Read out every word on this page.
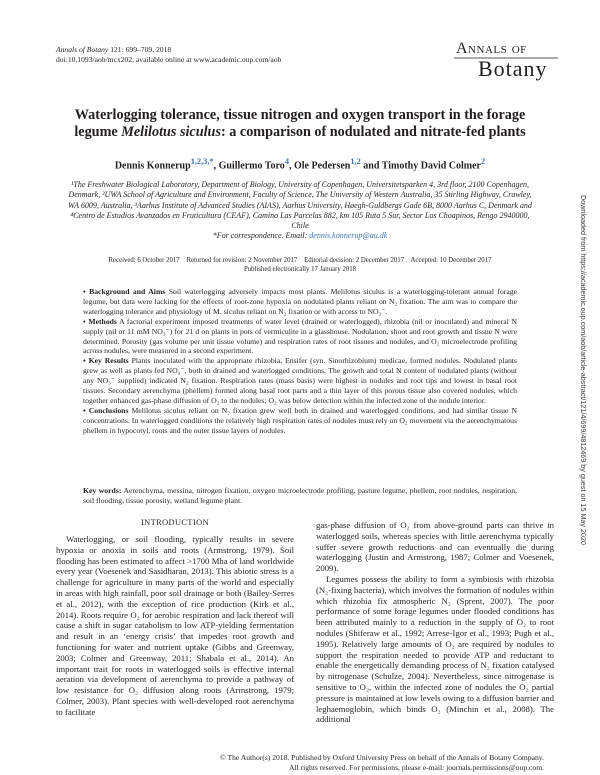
Annals of Botany 121: 699–709, 2018
doi:10.1093/aob/mcx202, available online at www.academic.oup.com/aob
Annals of
Botany
Waterlogging tolerance, tissue nitrogen and oxygen transport in the forage
legume Melilotus siculus: a comparison of nodulated and nitrate-fed plants
Dennis Konnerup$^{1,2,3,*}$, Guillermo Toro$^4$, Ole Pedersen$^{1,2}$ and Timothy David Colmer$^2$
¹The Freshwater Biological Laboratory, Department of Biology, University of Copenhagen, Universitetsparken 4, 3rd floor, 2100 Copenhagen, Denmark, ²UWA School of Agriculture and Environment, Faculty of Science, The University of Western Australia, 35 Stirling Highway, Crawley, WA 6009, Australia, ³Aarhus Institute of Advanced Studies (AIAS), Aarhus University, Høegh-Guldbergs Gade 6B, 8000 Aarhus C, Denmark and ⁴Centro de Estudios Avanzados en Fruticultura (CEAF), Camino Las Parcelas 882, km 105 Ruta 5 Sur, Sector Los Choapinos, Rengo 2940000, Chile
*For correspondence. Email: dennis.konnerup@au.dk
Received: 6 October 2017    Returned for revision: 2 November 2017    Editorial decision: 2 December 2017    Accepted: 10 December 2017
Published electronically 17 January 2018

• Background and Aims Soil waterlogging adversely impacts most plants. Melilotus siculus is a waterlogging-tolerant annual forage legume, but data were lacking for the effects of root-zone hypoxia on nodulated plants reliant on N₂ fixation. The aim was to compare the waterlogging tolerance and physiology of M. siculus reliant on N₂ fixation or with access to NO₃⁻.

• Methods A factorial experiment imposed treatments of water level (drained or waterlogged), rhizobia (nil or inoculated) and mineral N supply (nil or 11 mM NO₃⁻) for 21 d on plants in pots of vermiculite in a glasshouse. Nodulation, shoot and root growth and tissue N were determined. Porosity (gas volume per unit tissue volume) and respiration rates of root tissues and nodules, and O₂ microelectrode profiling across nodules, were measured in a second experiment.

• Key Results Plants inoculated with the appropriate rhizobia, Ensifer (syn. Sinorhizobium) medicae, formed nodules. Nodulated plants grew as well as plants fed NO₃⁻, both in drained and waterlogged conditions. The growth and total N content of nodulated plants (without any NO₃⁻ supplied) indicated N₂ fixation. Respiration rates (mass basis) were highest in nodules and root tips and lowest in basal root tissues. Secondary aerenchyma (phellem) formed along basal root parts and a thin layer of this porous tissue also covered nodules, which together enhanced gas-phase diffusion of O₂ to the nodules; O₂ was below detection within the infected zone of the nodule interior.

• Conclusions Melilotus siculus reliant on N₂ fixation grew well both in drained and waterlogged conditions, and had similar tissue N concentrations. In waterlogged conditions the relatively high respiration rates of nodules must rely on O₂ movement via the aerenchymatous phellem in hypocotyl, roots and the outer tissue layers of nodules.

Key words: Aerenchyma, messina, nitrogen fixation, oxygen microelectrode profiling, pasture legume, phellem, root nodules, respiration, soil flooding, tissue porosity, wetland legume plant.
INTRODUCTION

Waterlogging, or soil flooding, typically results in severe hypoxia or anoxia in soils and roots (Armstrong, 1979). Soil flooding has been estimated to affect >1700 Mha of land worldwide every year (Voesenek and Sasidharan, 2013). This abiotic stress is a challenge for agriculture in many parts of the world and especially in areas with high rainfall, poor soil drainage or both (Bailey-Serres et al., 2012), with the exception of rice production (Kirk et al., 2014). Roots require O₂ for aerobic respiration and lack thereof will cause a shift in sugar catabolism to low ATP-yielding fermentation and result in an ‘energy crisis’ that impedes root growth and functioning for water and nutrient uptake (Gibbs and Greenway, 2003; Colmer and Greenway, 2011; Shabala et al., 2014). An important trait for roots in waterlogged soils is effective internal aeration via development of aerenchyma to provide a pathway of low resistance for O₂ diffusion along roots (Armstrong, 1979; Colmer, 2003). Plant species with well-developed root aerenchyma to facilitate

gas-phase diffusion of O₂ from above-ground parts can thrive in waterlogged soils, whereas species with little aerenchyma typically suffer severe growth reductions and can eventually die during waterlogging (Justin and Armstrong, 1987; Colmer and Voesenek, 2009).

Legumes possess the ability to form a symbiosis with rhizobia (N₂-fixing bacteria), which involves the formation of nodules within which rhizobia fix atmospheric N₂ (Sprent, 2007). The poor performance of some forage legumes under flooded conditions has been attributed mainly to a reduction in the supply of O₂ to root nodules (Shiferaw et al., 1992; Arrese-Igor et al., 1993; Pugh et al., 1995). Relatively large amounts of O₂ are required by nodules to support the respiration needed to provide ATP and reductant to enable the energetically demanding process of N₂ fixation catalysed by nitrogenase (Schulze, 2004). Nevertheless, since nitrogenase is sensitive to O₂, within the infected zone of nodules the O₂ partial pressure is maintained at low levels owing to a diffusion barrier and leghaemoglobin, which binds O₂ (Minchin et al., 2008). The additional

© The Author(s) 2018. Published by Oxford University Press on behalf of the Annals of Botany Company.
All rights reserved. For permissions, please e-mail: journals.permissions@oup.com.
Downloaded from https://academic.oup.com/aob/article-abstract/121/4/699/4812469 by guest on 15 May 2020
